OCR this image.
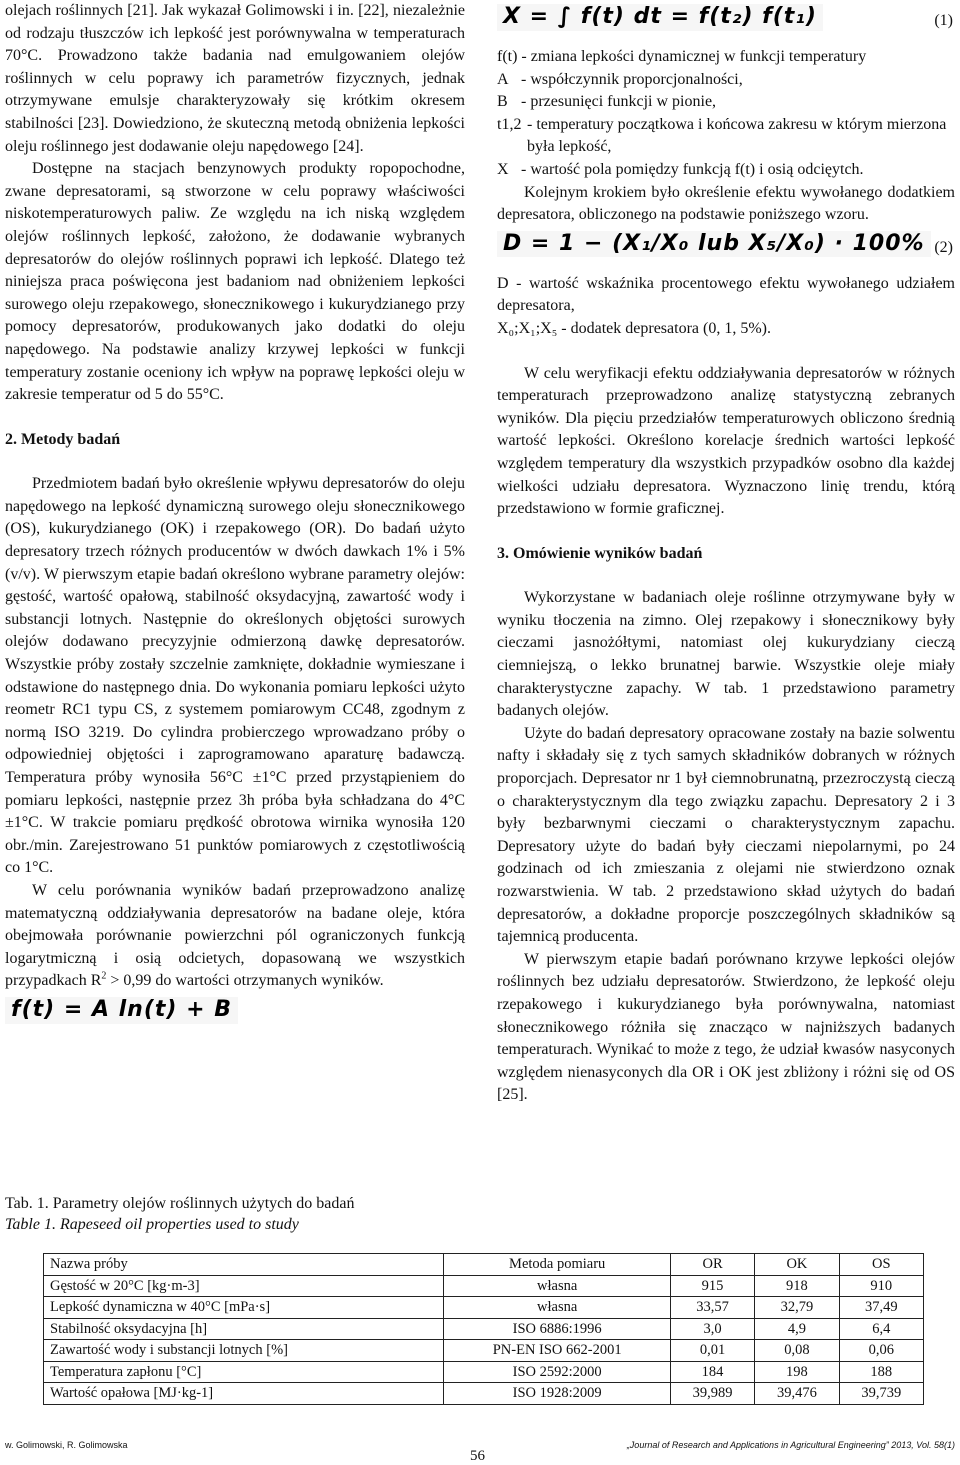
olejach roślinnych [21]. Jak wykazał Golimowski i in. [22], niezależnie od rodzaju tłuszczów ich lepkość jest porównywalna w temperaturach 70°C. Prowadzono także badania nad emulgowaniem olejów roślinnych w celu poprawy ich parametrów fizycznych, jednak otrzymywane emulsje charakteryzowały się krótkim okresem stabilności [23]. Dowiedziono, że skuteczną metodą obniżenia lepkości oleju roślinnego jest dodawanie oleju napędowego [24].

Dostępne na stacjach benzynowych produkty ropopochodne, zwane depresatorami, są stworzone w celu poprawy właściwości niskotemperaturowych paliw. Ze względu na ich niską względem olejów roślinnych lepkość, założono, że dodawanie wybranych depresatorów do olejów roślinnych poprawi ich lepkość. Dlatego też niniejsza praca poświęcona jest badaniom nad obniżeniem lepkości surowego oleju rzepakowego, słonecznikowego i kukurydzianego przy pomocy depresatorów, produkowanych jako dodatki do oleju napędowego. Na podstawie analizy krzywej lepkości w funkcji temperatury zostanie oceniony ich wpływ na poprawę lepkości oleju w zakresie temperatur od 5 do 55°C.

2. Metody badań

Przedmiotem badań było określenie wpływu depresatorów do oleju napędowego na lepkość dynamiczną surowego oleju słonecznikowego (OS), kukurydzianego (OK) i rzepakowego (OR). Do badań użyto depresatory trzech różnych producentów w dwóch dawkach 1% i 5% (v/v). W pierwszym etapie badań określono wybrane parametry olejów: gęstość, wartość opałową, stabilność oksydacyjną, zawartość wody i substancji lotnych. Następnie do określonych objętości surowych olejów dodawano precyzyjnie odmierzoną dawkę depresatorów. Wszystkie próby zostały szczelnie zamknięte, dokładnie wymieszane i odstawione do następnego dnia. Do wykonania pomiaru lepkości użyto reometr RC1 typu CS, z systemem pomiarowym CC48, zgodnym z normą ISO 3219. Do cylindra probierczego wprowadzano próby o odpowiedniej objętości i zaprogramowano aparaturę badawczą. Temperatura próby wynosiła 56°C ±1°C przed przystąpieniem do pomiaru lepkości, następnie przez 3h próba była schładzana do 4°C ±1°C. W trakcie pomiaru prędkość obrotowa wirnika wynosiła 120 obr./min. Zarejestrowano 51 punktów pomiarowych z częstotliwością co 1°C.

W celu porównania wyników badań przeprowadzono analizę matematyczną oddziaływania depresatorów na badane oleje, która obejmowała porównanie powierzchni pól ograniczonych funkcją logarytmiczną i osią odcietych, dopasowaną we wszystkich przypadkach $R^2 > 0,99$ do wartości otrzymanych wyników.

f(t) = A ln(t) + B
X = ∫ f(t) dt = f(t₂) f(t₁)	(1)
f(t) - zmiana lepkości dynamicznej w funkcji temperatury
A - współczynnik proporcjonalności,
B - przesunięci funkcji w pionie,
t1,2 - temperatury początkowa i końcowa zakresu w którym mierzona była lepkość,
X - wartość pola pomiędzy funkcją f(t) i osią odcięytch.

Kolejnym krokiem było określenie efektu wywołanego dodatkiem depresatora, obliczonego na podstawie poniższego wzoru.

D = 1 − (X₁/X₀ lub X₅/X₀) · 100% (2)

D - wartość wskaźnika procentowego efektu wywołanego udziałem depresatora,

X₀;X₁;X₅ - dodatek depresatora (0, 1, 5%).

W celu weryfikacji efektu oddziaływania depresatorów w różnych temperaturach przeprowadzono analizę statystyczną zebranych wyników. Dla pięciu przedziałów temperaturowych obliczono średnią wartość lepkości. Określono korelacje średnich wartości lepkość względem temperatury dla wszystkich przypadków osobno dla każdej wielkości udziału depresatora. Wyznaczono linię trendu, którą przedstawiono w formie graficznej.

3. Omówienie wyników badań

Wykorzystane w badaniach oleje roślinne otrzymywane były w wyniku tłoczenia na zimno. Olej rzepakowy i słonecznikowy były cieczami jasnożółtymi, natomiast olej kukurydziany cieczą ciemniejszą, o lekko brunatnej barwie. Wszystkie oleje miały charakterystyczne zapachy. W tab. 1 przedstawiono parametry badanych olejów.

Użyte do badań depresatory opracowane zostały na bazie solwentu nafty i składały się z tych samych składników dobranych w różnych proporcjach. Depresator nr 1 był ciemnobrunatną, przezroczystą cieczą o charakterystycznym dla tego związku zapachu. Depresatory 2 i 3 były bezbarwnymi cieczami o charakterystycznym zapachu. Depresatory użyte do badań były cieczami niepolarnymi, po 24 godzinach od ich zmieszania z olejami nie stwierdzono oznak rozwarstwienia. W tab. 2 przedstawiono skład użytych do badań depresatorów, a dokładne proporcje poszczególnych składników są tajemnicą producenta.

W pierwszym etapie badań porównano krzywe lepkości olejów roślinnych bez udziału depresatorów. Stwierdzono, że lepkość oleju rzepakowego i kukurydzianego była porównywalna, natomiast słonecznikowego różniła się znacząco w najniższych badanych temperaturach. Wynikać to może z tego, że udział kwasów nasyconych względem nienasyconych dla OR i OK jest zbliżony i różni się od OS [25].

Tab. 1. Parametry olejów roślinnych użytych do badań
Table 1. Rapeseed oil properties used to study
Nazwa próby	Metoda pomiaru	OR	OK	OS
Gęstość w 20°C [kg·m-3]	własna	915	918	910
Lepkość dynamiczna w 40°C [mPa·s]	własna	33,57	32,79	37,49
Stabilność oksydacyjna [h]	ISO 6886:1996	3,0	4,9	6,4
Zawartość wody i substancji lotnych [%]	PN-EN ISO 662-2001	0,01	0,08	0,06
Temperatura zapłonu [°C]	ISO 2592:2000	184	198	188
Wartość opałowa [MJ·kg-1]	ISO 1928:2009	39,989	39,476	39,739
w. Golimowski, R. Golimowska
56
„Journal of Research and Applications in Agricultural Engineering” 2013, Vol. 58(1)
